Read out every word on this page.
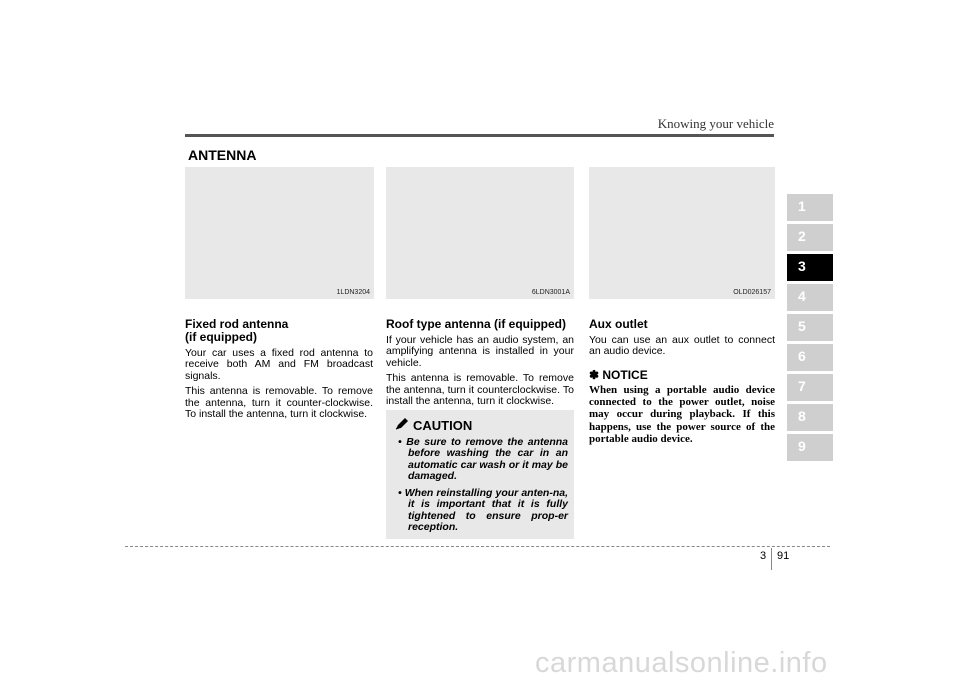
Knowing your vehicle
ANTENNA
1LDN3204	6LDN3001A	OLD026157
Fixed rod antenna
(if equipped)

Your car uses a fixed rod antenna to receive both AM and FM broadcast signals.

This antenna is removable. To remove the antenna, turn it counter-clockwise. To install the antenna, turn it clockwise.

Roof type antenna (if equipped)

If your vehicle has an audio system, an amplifying antenna is installed in your vehicle.

This antenna is removable. To remove the antenna, turn it counterclockwise. To install the antenna, turn it clockwise.

CAUTION
• Be sure to remove the antenna before washing the car in an automatic car wash or it may be damaged.
• When reinstalling your anten-na, it is important that it is fully tightened to ensure prop-er reception.
Aux outlet

You can use an aux outlet to connect an audio device.

✽ NOTICE

When using a portable audio device connected to the power outlet, noise may occur during playback. If this happens, use the power source of the portable audio device.

1
2
3
4
5
6
7
8
9
3 91
carmanualsonline.info
